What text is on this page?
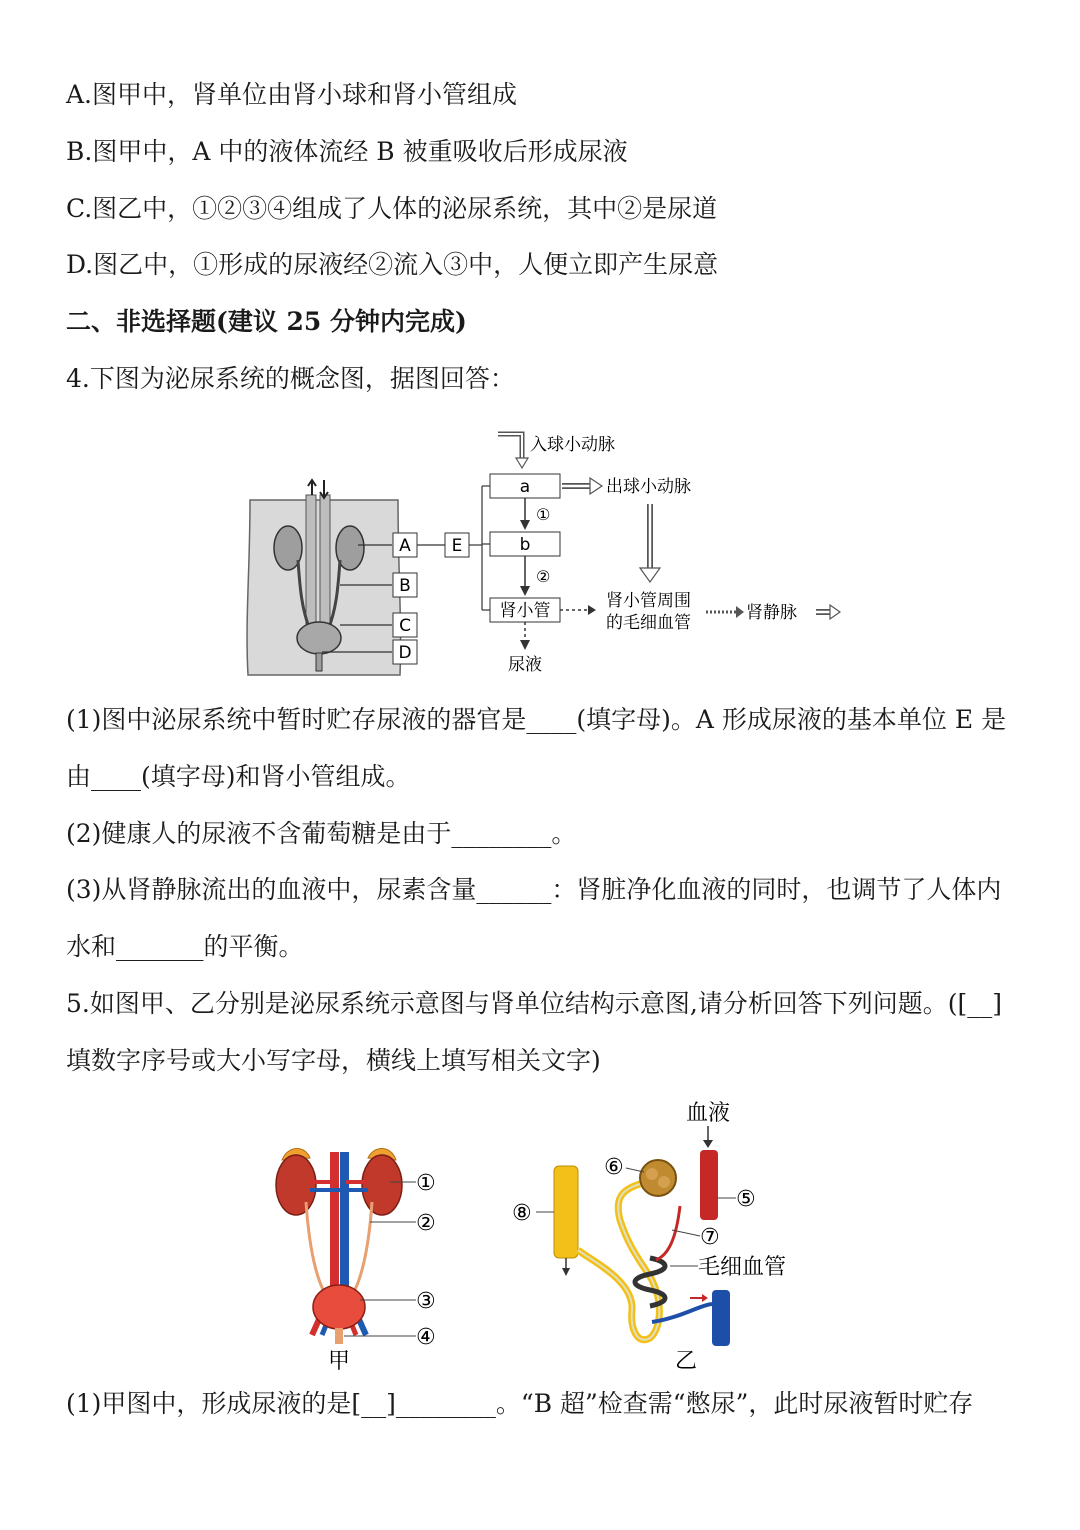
A.图甲中，肾单位由肾小球和肾小管组成
B.图甲中，A 中的液体流经 B 被重吸收后形成尿液
C.图乙中，①②③④组成了人体的泌尿系统，其中②是尿道
D.图乙中，①形成的尿液经②流入③中，人便立即产生尿意
二、非选择题(建议 25 分钟内完成)
4.下图为泌尿系统的概念图，据图回答：
A
B
C
D
E
入球小动脉
a	出球小动脉
①
b
②
肾小管	肾小管周围
的毛细血管	肾静脉
尿液
(1)图中泌尿系统中暂时贮存尿液的器官是____(填字母)。A 形成尿液的基本单位 E 是
由____(填字母)和肾小管组成。
(2)健康人的尿液不含葡萄糖是由于________。
(3)从肾静脉流出的血液中，尿素含量______：肾脏净化血液的同时，也调节了人体内
水和_______的平衡。
5.如图甲、乙分别是泌尿系统示意图与肾单位结构示意图,请分析回答下列问题。([__]
填数字序号或大小写字母，横线上填写相关文字)
①
②
③
④
甲
血液
⑥
⑤
⑦
毛细血管
⑧
乙
(1)甲图中，形成尿液的是[__]________。“B 超”检查需“憋尿”，此时尿液暂时贮存
